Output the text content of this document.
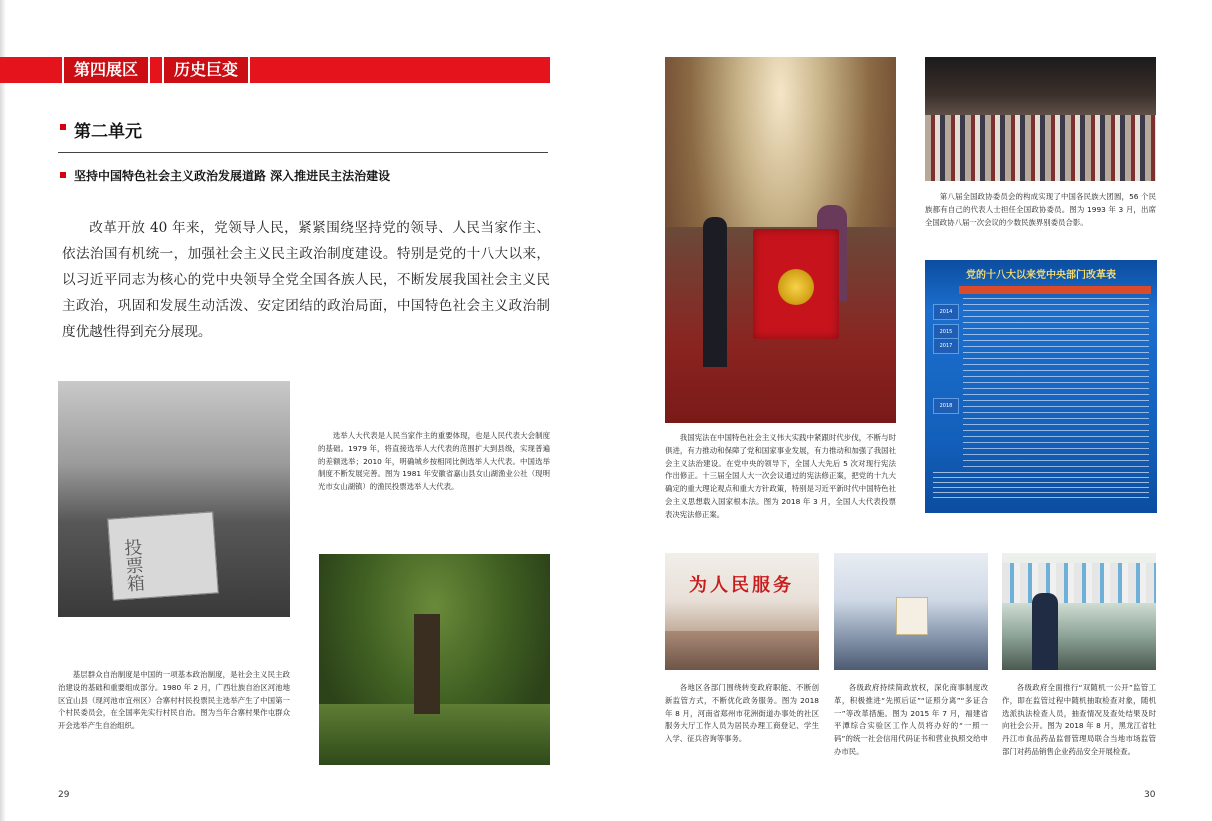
第四展区	历史巨变
第二单元
坚持中国特色社会主义政治发展道路 深入推进民主法治建设
改革开放 40 年来，党领导人民，紧紧围绕坚持党的领导、人民当家作主、依法治国有机统一，加强社会主义民主政治制度建设。特别是党的十八大以来，以习近平同志为核心的党中央领导全党全国各族人民，不断发展我国社会主义民主政治，巩固和发展生动活泼、安定团结的政治局面，中国特色社会主义政治制度优越性得到充分展现。
投票箱
选举人大代表是人民当家作主的重要体现，也是人民代表大会制度的基础。1979 年，将直接选举人大代表的范围扩大到县级，实现普遍的差额选举；2010 年，明确城乡按相同比例选举人大代表。中国选举制度不断发展完善。图为 1981 年安徽省嘉山县女山湖渔业公社（现明光市女山湖镇）的渔民投票选举人大代表。
基层群众自治制度是中国的一项基本政治制度，是社会主义民主政治建设的基础和重要组成部分。1980 年 2 月，广西壮族自治区河池地区宜山县（现河池市宜州区）合寨村村民投票民主选举产生了中国第一个村民委员会，在全国率先实行村民自治。图为当年合寨村果作屯群众开会选举产生自治组织。
29
我国宪法在中国特色社会主义伟大实践中紧跟时代步伐，不断与时俱进，有力推动和保障了党和国家事业发展，有力推动和加强了我国社会主义法治建设。在党中央的领导下，全国人大先后 5 次对现行宪法作出修正。十三届全国人大一次会议通过的宪法修正案，把党的十九大确定的重大理论观点和重大方针政策，特别是习近平新时代中国特色社会主义思想载入国家根本法。图为 2018 年 3 月，全国人大代表投票表决宪法修正案。
第八届全国政协委员会的构成实现了中国各民族大团圆，56 个民族都有自己的代表人士担任全国政协委员。图为 1993 年 3 月，出席全国政协八届一次会议的少数民族界别委员合影。
党的十八大以来党中央部门改革表
2014
2015
2017
2018
为人民服务
各地区各部门围绕转变政府职能、不断创新监管方式，不断优化政务服务。图为 2018 年 8 月，河南省郑州市花洲街道办事处的社区服务大厅工作人员为居民办理工商登记、学生入学、征兵咨询等事务。
各级政府持续简政放权，深化商事制度改革，积极推进“先照后证”“证照分离”“多证合一”等改革措施。图为 2015 年 7 月，福建省平潭综合实验区工作人员将办好的“一照一码”的统一社会信用代码证书和营业执照交给申办市民。
各级政府全面推行“双随机一公开”监管工作，即在监管过程中随机抽取检查对象，随机选派执法检查人员，抽查情况及查处结果及时向社会公开。图为 2018 年 8 月，黑龙江省牡丹江市食品药品监督管理局联合当地市场监管部门对药品销售企业药品安全开展检查。
30
